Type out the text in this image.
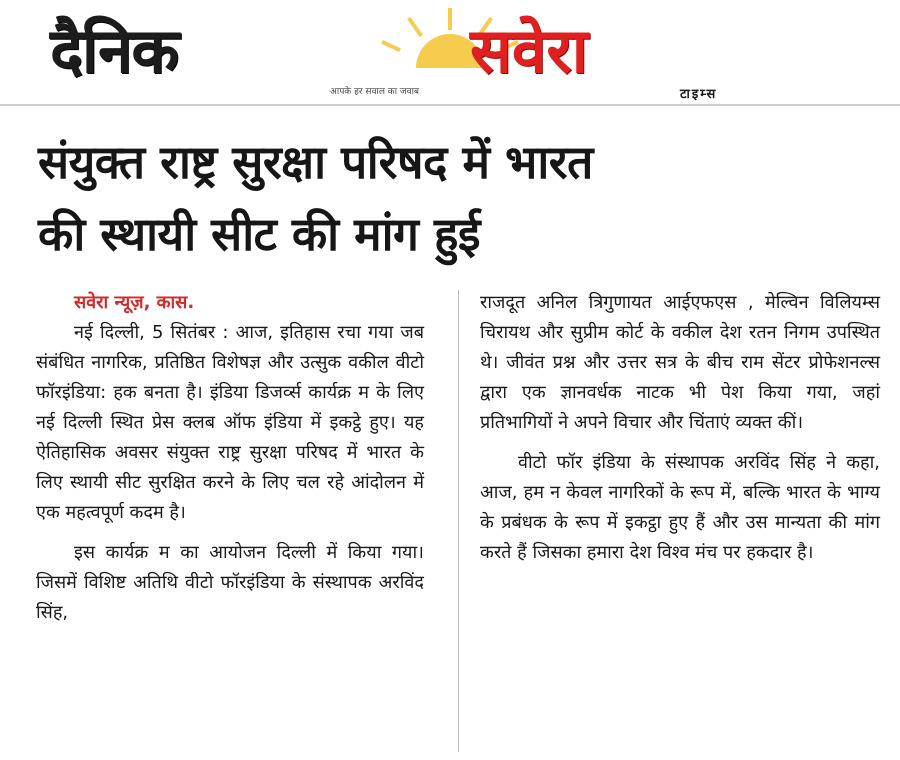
दैनिक	सवेरा
आपके हर सवाल का जवाब	टाइम्स
संयुक्त राष्ट्र सुरक्षा परिषद में भारत
की स्थायी सीट की मांग हुई
सवेरा न्यूज़, कास.

नई दिल्ली, 5 सितंबर : आज, इतिहास रचा गया जब संबंधित नागरिक, प्रतिष्ठित विशेषज्ञ और उत्सुक वकील वीटो फॉरइंडिया: हक बनता है। इंडिया डिजर्व्स कार्यक्र म के लिए नई दिल्ली स्थित प्रेस क्लब ऑफ इंडिया में इकट्ठे हुए। यह ऐतिहासिक अवसर संयुक्त राष्ट्र सुरक्षा परिषद में भारत के लिए स्थायी सीट सुरक्षित करने के लिए चल रहे आंदोलन में एक महत्वपूर्ण कदम है।

इस कार्यक्र म का आयोजन दिल्ली में किया गया। जिसमें विशिष्ट अतिथि वीटो फॉरइंडिया के संस्थापक अरविंद सिंह,

राजदूत अनिल त्रिगुणायत आईएफएस , मेल्विन विलियम्स चिरायथ और सुप्रीम कोर्ट के वकील देश रतन निगम उपस्थित थे। जीवंत प्रश्न और उत्तर सत्र के बीच राम सेंटर प्रोफेशनल्स द्वारा एक ज्ञानवर्धक नाटक भी पेश किया गया, जहां प्रतिभागियों ने अपने विचार और चिंताएं व्यक्त कीं।

वीटो फॉर इंडिया के संस्थापक अरविंद सिंह ने कहा, आज, हम न केवल नागरिकों के रूप में, बल्कि भारत के भाग्य के प्रबंधक के रूप में इकट्ठा हुए हैं और उस मान्यता की मांग करते हैं जिसका हमारा देश विश्व मंच पर हकदार है।
